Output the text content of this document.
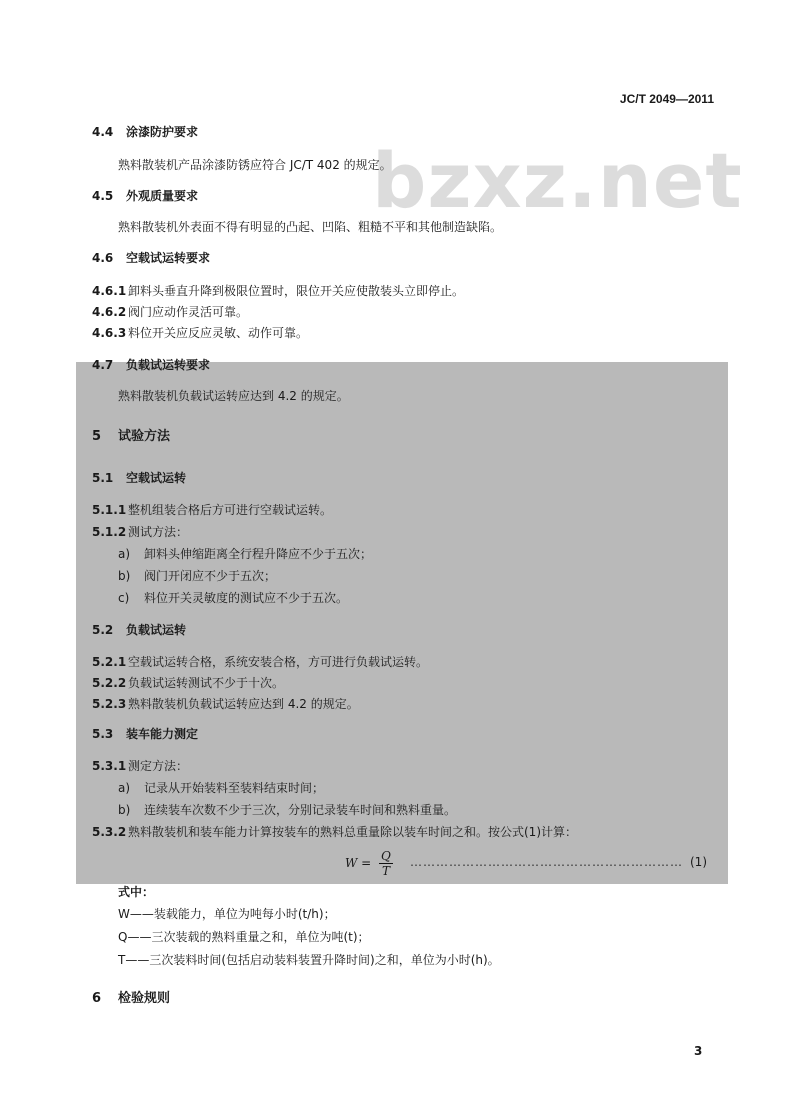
bzxz.net
JC/T 2049—2011
4.4 涂漆防护要求
熟料散装机产品涂漆防锈应符合 JC/T 402 的规定。
4.5 外观质量要求
熟料散装机外表面不得有明显的凸起、凹陷、粗糙不平和其他制造缺陷。
4.6 空载试运转要求
4.6.1 卸料头垂直升降到极限位置时，限位开关应使散装头立即停止。
4.6.2 阀门应动作灵活可靠。
4.6.3 料位开关应反应灵敏、动作可靠。
4.7 负载试运转要求
熟料散装机负载试运转应达到 4.2 的规定。
5 试验方法
5.1 空载试运转
5.1.1 整机组装合格后方可进行空载试运转。
5.1.2 测试方法：
a) 卸料头伸缩距离全行程升降应不少于五次；
b) 阀门开闭应不少于五次；
c) 料位开关灵敏度的测试应不少于五次。
5.2 负载试运转
5.2.1 空载试运转合格，系统安装合格，方可进行负载试运转。
5.2.2 负载试运转测试不少于十次。
5.2.3 熟料散装机负载试运转应达到 4.2 的规定。
5.3 装车能力测定
5.3.1 测定方法：
a) 记录从开始装料至装料结束时间；
b) 连续装车次数不少于三次，分别记录装车时间和熟料重量。
5.3.2 熟料散装机和装车能力计算按装车的熟料总重量除以装车时间之和。按公式(1)计算：
$W = \frac{Q}{T}$ ……………………………………………………… (1)
式中：
W——装载能力，单位为吨每小时(t/h)；
Q——三次装载的熟料重量之和，单位为吨(t)；
T——三次装料时间(包括启动装料装置升降时间)之和，单位为小时(h)。
6 检验规则
3
